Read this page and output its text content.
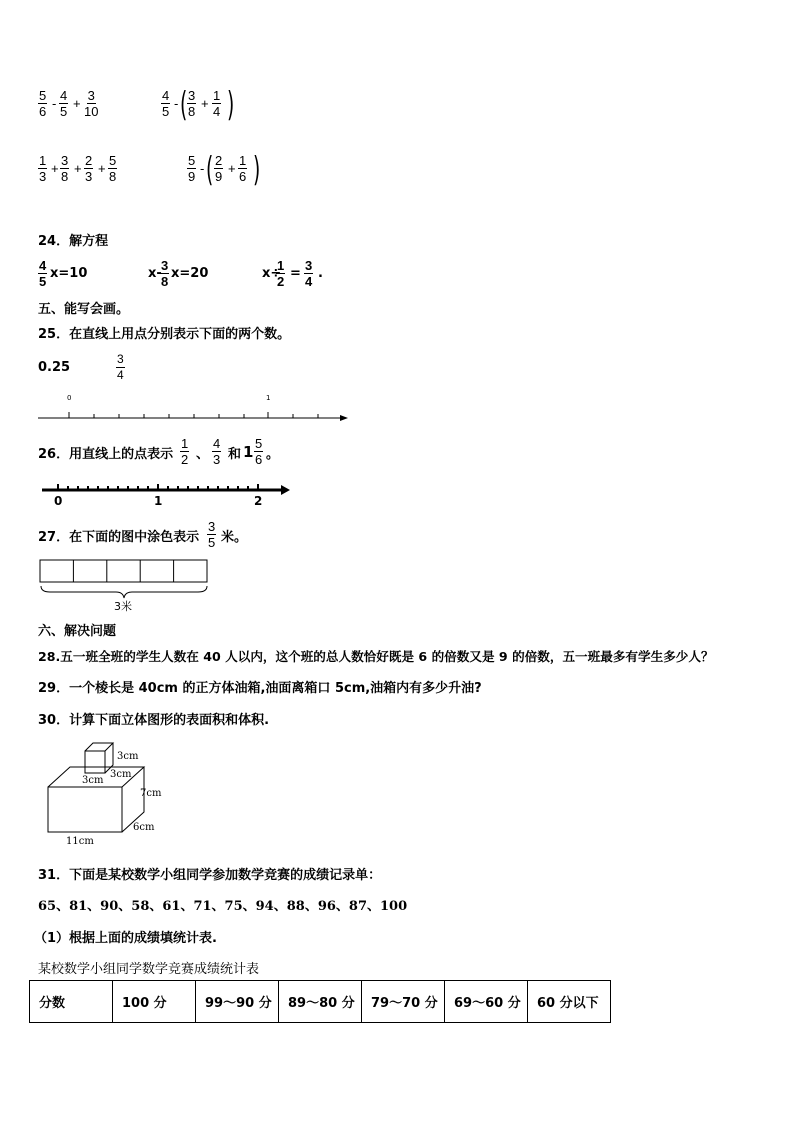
$\frac{5}{6} - \frac{4}{5} + \frac{3}{10}$	$\frac{4}{5}$ - ( $\frac{3}{8} + \frac{1}{4}$ )
$\frac{1}{3} + \frac{3}{8} + \frac{2}{3} + \frac{5}{8}$	$\frac{5}{9}$ - ( $\frac{2}{9} + \frac{1}{6}$ )
24．解方程
$\frac{4}{5} x=10$	x-
$\frac{3}{8} x=20$	x÷
$\frac{1}{2} = \frac{3}{4}$ .
五、能写会画。
25．在直线上用点分别表示下面的两个数。
0.25	$\frac{3}{4}$
0	1
26．用直线上的点表示 $\frac{1}{2}$ 、 $\frac{4}{3}$ 和 $1 \frac{5}{6}$ 。
0	1	2
27．在下面的图中涂色表示 $\frac{3}{5}$ 米。
3米
六、解决问题
28.五一班全班的学生人数在 40 人以内，这个班的总人数恰好既是 6 的倍数又是 9 的倍数，五一班最多有学生多少人？
29．一个棱长是 40cm 的正方体油箱,油面离箱口 5cm,油箱内有多少升油?
30．计算下面立体图形的表面积和体积.
3cm
3cm
3cm
7cm
6cm
11cm
31．下面是某校数学小组同学参加数学竞赛的成绩记录单：
65、81、90、58、61、71、75、94、88、96、87、100
（1）根据上面的成绩填统计表.
某校数学小组同学数学竞赛成绩统计表
分数	100 分	99～90 分	89～80 分	79～70 分	69～60 分	60 分以下
